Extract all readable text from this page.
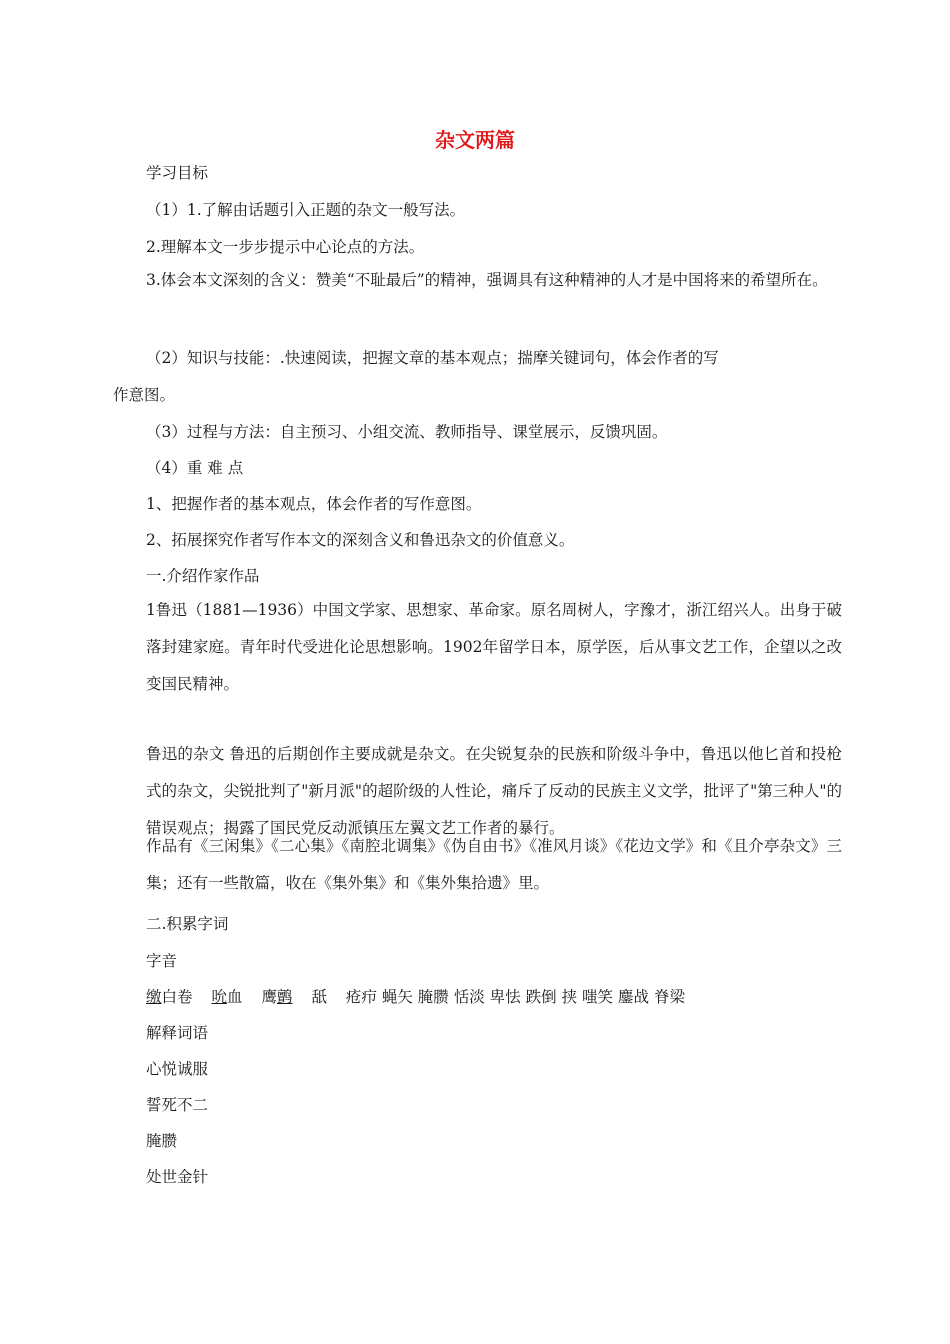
杂文两篇
学习目标
（1）1.了解由话题引入正题的杂文一般写法。
2.理解本文一步步提示中心论点的方法。
3.体会本文深刻的含义：赞美“不耻最后”的精神，强调具有这种精神的人才是中国将来的希望所在。
（2）知识与技能：.快速阅读，把握文章的基本观点；揣摩关键词句，体会作者的写
作意图。
（3）过程与方法：自主预习、小组交流、教师指导、课堂展示，反馈巩固。
（4）重 难 点
1、把握作者的基本观点，体会作者的写作意图。
2、拓展探究作者写作本文的深刻含义和鲁迅杂文的价值意义。
一.介绍作家作品
1鲁迅（1881—1936）中国文学家、思想家、革命家。原名周树人，字豫才，浙江绍兴人。出身于破落封建家庭。青年时代受进化论思想影响。1902年留学日本，原学医，后从事文艺工作，企望以之改变国民精神。
鲁迅的杂文 鲁迅的后期创作主要成就是杂文。在尖锐复杂的民族和阶级斗争中，鲁迅以他匕首和投枪式的杂文，尖锐批判了"新月派"的超阶级的人性论，痛斥了反动的民族主义文学，批评了"第三种人"的错误观点；揭露了国民党反动派镇压左翼文艺工作者的暴行。
作品有《三闲集》《二心集》《南腔北调集》《伪自由书》《准风月谈》《花边文学》和《且介亭杂文》三集；还有一些散篇，收在《集外集》和《集外集拾遗》里。
二.积累字词
字音
缴白卷 吮血 鹰鹯 舐 疮疖 蝇矢 腌臜 恬淡 卑怯 跌倒 挟 嗤笑 鏖战 脊梁
解释词语
心悦诚服
誓死不二
腌臜
处世金针
